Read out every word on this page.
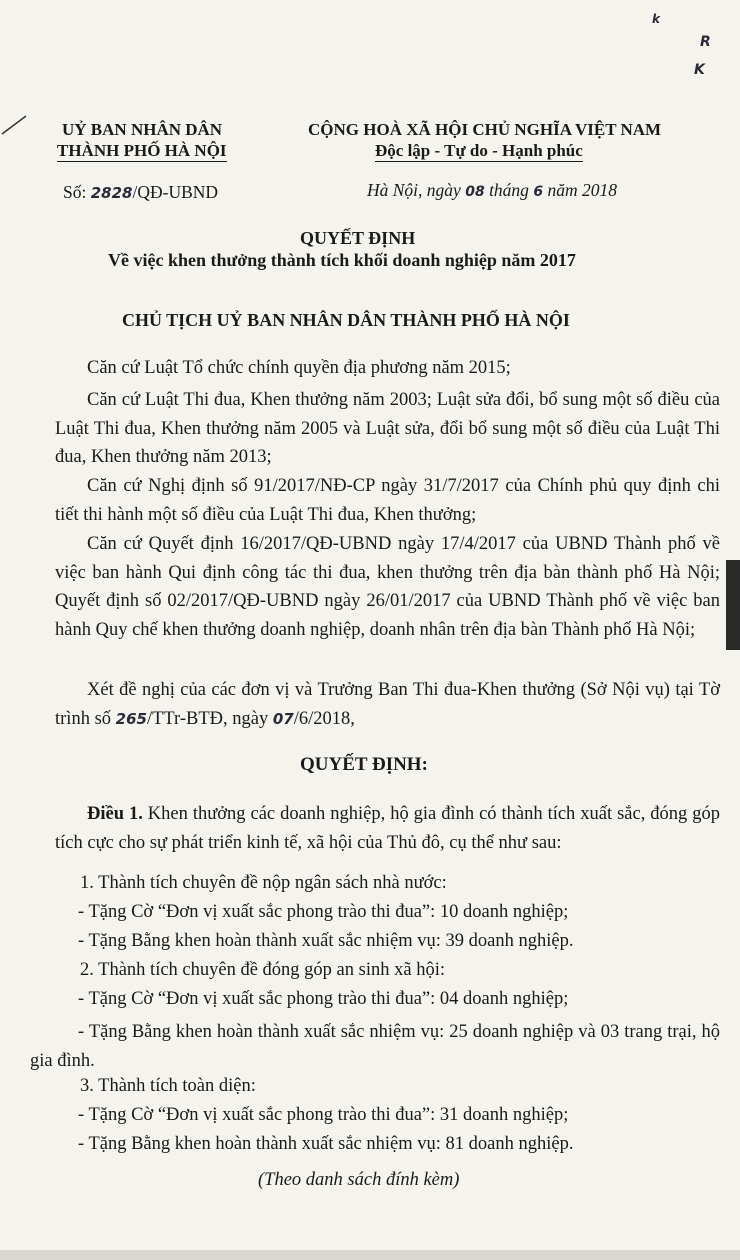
k
R
K
UỶ BAN NHÂN DÂN
THÀNH PHỐ HÀ NỘI
CỘNG HOÀ XÃ HỘI CHỦ NGHĨA VIỆT NAM
Độc lập - Tự do - Hạnh phúc
Số: 2828/QĐ-UBND	Hà Nội, ngày 08 tháng 6 năm 2018
QUYẾT ĐỊNH
Về việc khen thưởng thành tích khối doanh nghiệp năm 2017
CHỦ TỊCH UỶ BAN NHÂN DÂN THÀNH PHỐ HÀ NỘI
Căn cứ Luật Tổ chức chính quyền địa phương năm 2015;
Căn cứ Luật Thi đua, Khen thưởng năm 2003; Luật sửa đổi, bổ sung một số điều của Luật Thi đua, Khen thưởng năm 2005 và Luật sửa, đổi bổ sung một số điều của Luật Thi đua, Khen thưởng năm 2013;
Căn cứ Nghị định số 91/2017/NĐ-CP ngày 31/7/2017 của Chính phủ quy định chi tiết thi hành một số điều của Luật Thi đua, Khen thưởng;
Căn cứ Quyết định 16/2017/QĐ-UBND ngày 17/4/2017 của UBND Thành phố về việc ban hành Qui định công tác thi đua, khen thưởng trên địa bàn thành phố Hà Nội; Quyết định số 02/2017/QĐ-UBND ngày 26/01/2017 của UBND Thành phố về việc ban hành Quy chế khen thưởng doanh nghiệp, doanh nhân trên địa bàn Thành phố Hà Nội;
Xét đề nghị của các đơn vị và Trưởng Ban Thi đua-Khen thưởng (Sở Nội vụ) tại Tờ trình số 265/TTr-BTĐ, ngày 07/6/2018,
QUYẾT ĐỊNH:
Điều 1. Khen thưởng các doanh nghiệp, hộ gia đình có thành tích xuất sắc, đóng góp tích cực cho sự phát triển kinh tế, xã hội của Thủ đô, cụ thể như sau:
1. Thành tích chuyên đề nộp ngân sách nhà nước:
- Tặng Cờ “Đơn vị xuất sắc phong trào thi đua”: 10 doanh nghiệp;
- Tặng Bằng khen hoàn thành xuất sắc nhiệm vụ: 39 doanh nghiệp.
2. Thành tích chuyên đề đóng góp an sinh xã hội:
- Tặng Cờ “Đơn vị xuất sắc phong trào thi đua”: 04 doanh nghiệp;
- Tặng Bằng khen hoàn thành xuất sắc nhiệm vụ: 25 doanh nghiệp và 03 trang trại, hộ gia đình.
3. Thành tích toàn diện:
- Tặng Cờ “Đơn vị xuất sắc phong trào thi đua”: 31 doanh nghiệp;
- Tặng Bằng khen hoàn thành xuất sắc nhiệm vụ: 81 doanh nghiệp.
(Theo danh sách đính kèm)
